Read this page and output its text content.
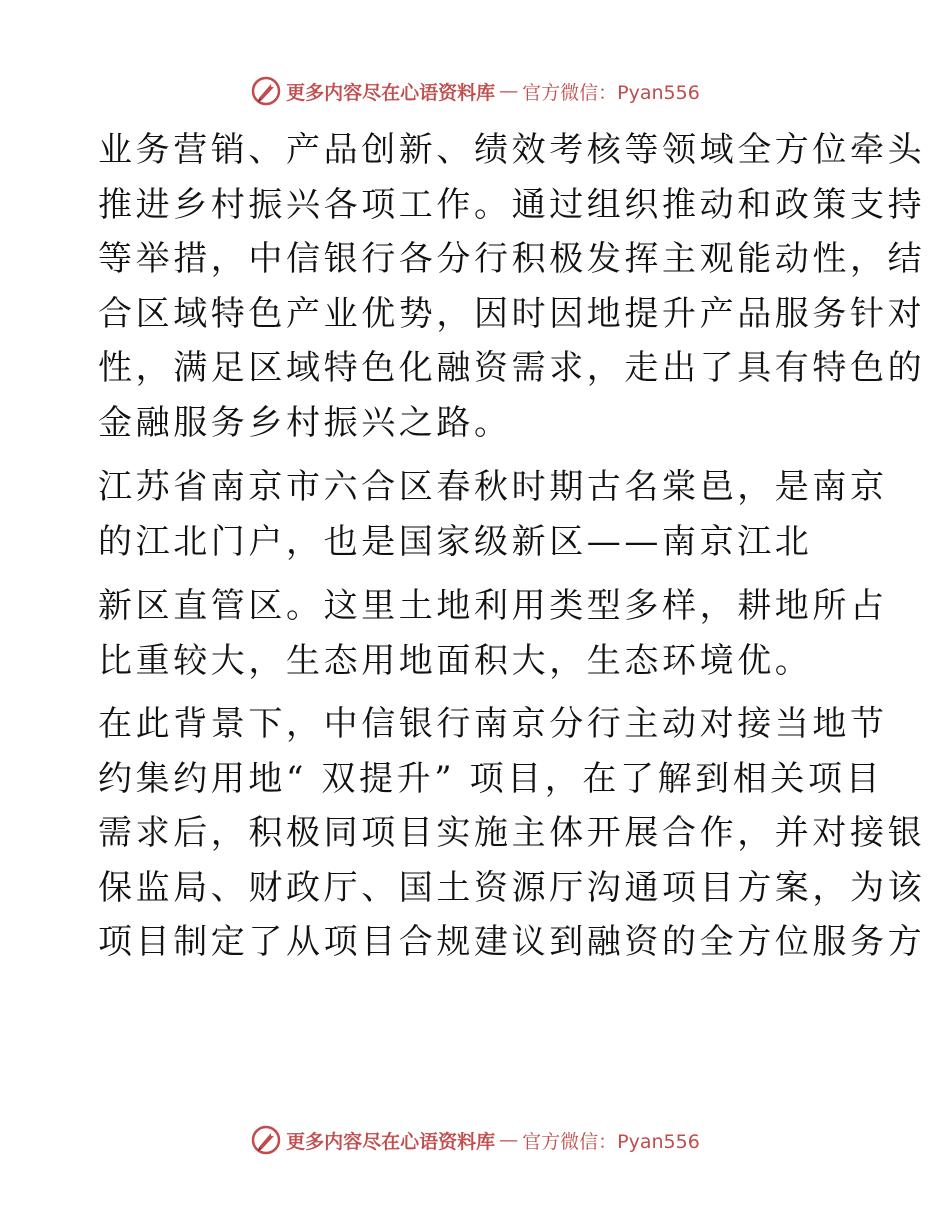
更多内容尽在心语资料库 — 官方微信：Pyan556

业务营销、产品创新、绩效考核等领域全方位牵头
推进乡村振兴各项工作。通过组织推动和政策支持
等举措，中信银行各分行积极发挥主观能动性，结
合区域特色产业优势，因时因地提升产品服务针对
性，满足区域特色化融资需求，走出了具有特色的
金融服务乡村振兴之路。

江苏省南京市六合区春秋时期古名棠邑，是南京
的江北门户，也是国家级新区——南京江北

新区直管区。这里土地利用类型多样，耕地所占
比重较大，生态用地面积大，生态环境优。

在此背景下，中信银行南京分行主动对接当地节
约集约用地“ 双提升” 项目，在了解到相关项目
需求后，积极同项目实施主体开展合作，并对接银
保监局、财政厅、国土资源厅沟通项目方案，为该
项目制定了从项目合规建议到融资的全方位服务方

更多内容尽在心语资料库 — 官方微信：Pyan556
